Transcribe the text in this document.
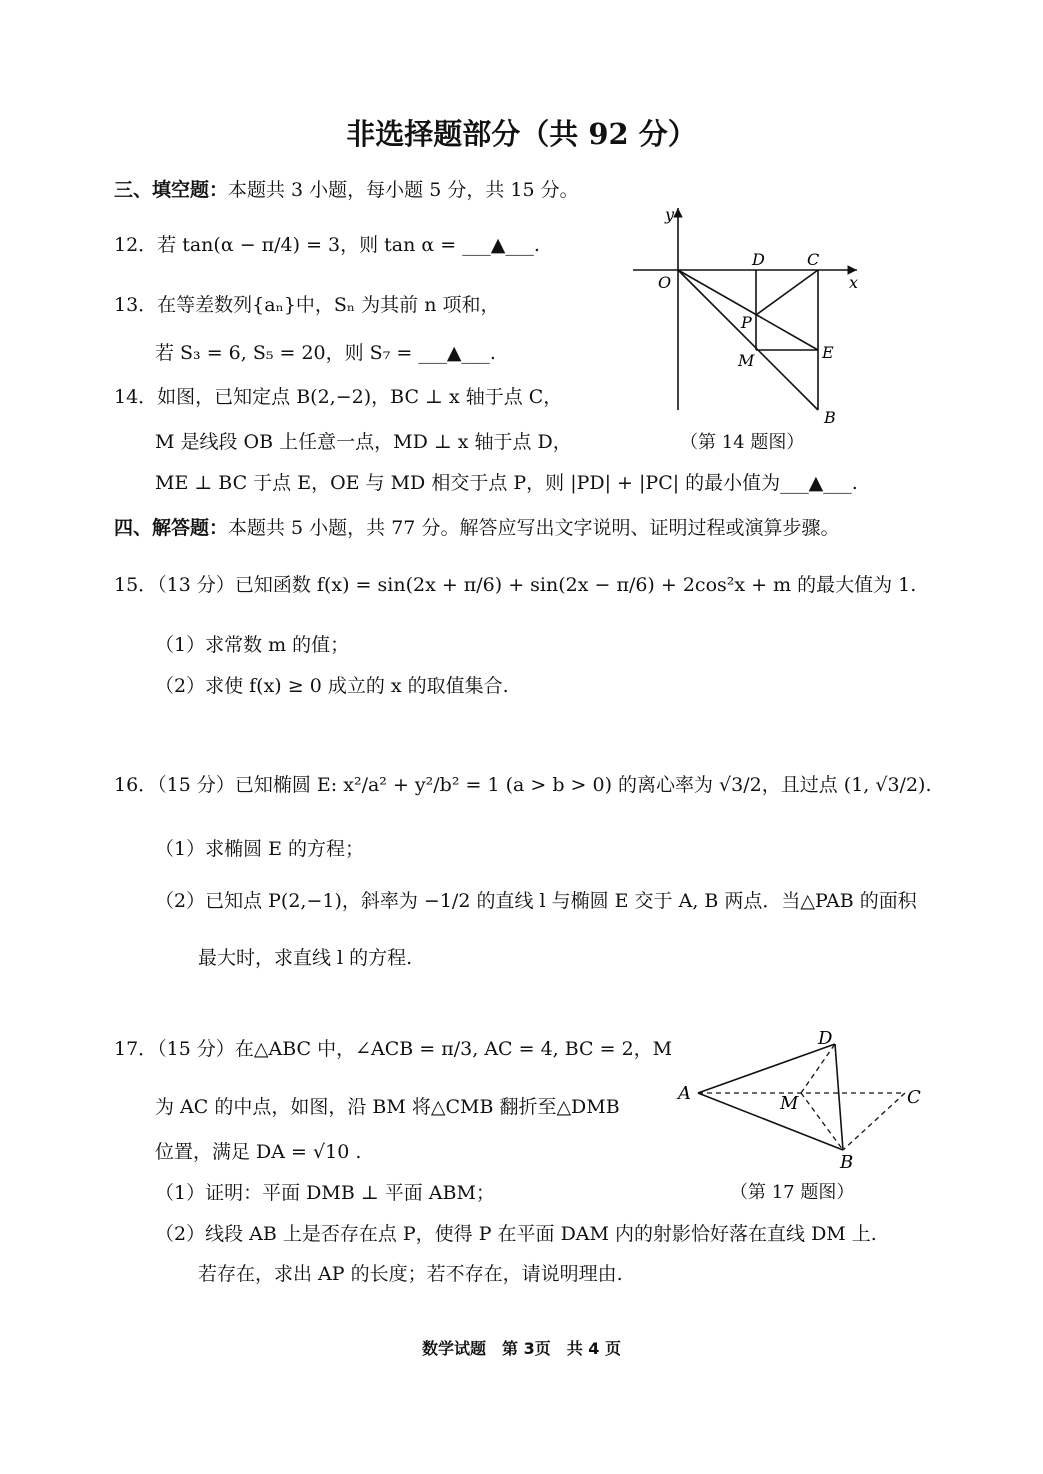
非选择题部分（共 92 分）
三、填空题：本题共 3 小题，每小题 5 分，共 15 分。
12．若 tan(α − π/4) = 3，则 tan α = ___▲___.
13．在等差数列{aₙ}中，Sₙ 为其前 n 项和，
若 S₃ = 6, S₅ = 20，则 S₇ = ___▲___.
14．如图，已知定点 B(2,−2)，BC ⊥ x 轴于点 C，
M 是线段 OB 上任意一点，MD ⊥ x 轴于点 D，
ME ⊥ BC 于点 E，OE 与 MD 相交于点 P，则 |PD| + |PC| 的最小值为___▲___.
y
x
O
D	C
P
M	E
B
（第 14 题图）
四、解答题：本题共 5 小题，共 77 分。解答应写出文字说明、证明过程或演算步骤。
15．（13 分）已知函数 f(x) = sin(2x + π/6) + sin(2x − π/6) + 2cos²x + m 的最大值为 1.
（1）求常数 m 的值；
（2）求使 f(x) ≥ 0 成立的 x 的取值集合.
16．（15 分）已知椭圆 E: x²/a² + y²/b² = 1 (a > b > 0) 的离心率为 √3/2，且过点 (1, √3/2).
（1）求椭圆 E 的方程；
（2）已知点 P(2,−1)，斜率为 −1/2 的直线 l 与椭圆 E 交于 A, B 两点．当△PAB 的面积
最大时，求直线 l 的方程.
17．（15 分）在△ABC 中，∠ACB = π/3, AC = 4, BC = 2，M
为 AC 的中点，如图，沿 BM 将△CMB 翻折至△DMB
位置，满足 DA = √10 .
（1）证明：平面 DMB ⊥ 平面 ABM；
（2）线段 AB 上是否存在点 P，使得 P 在平面 DAM 内的射影恰好落在直线 DM 上.
若存在，求出 AP 的长度；若不存在，请说明理由.
D
A	M	C
B
（第 17 题图）
数学试题　第 3页　共 4 页
